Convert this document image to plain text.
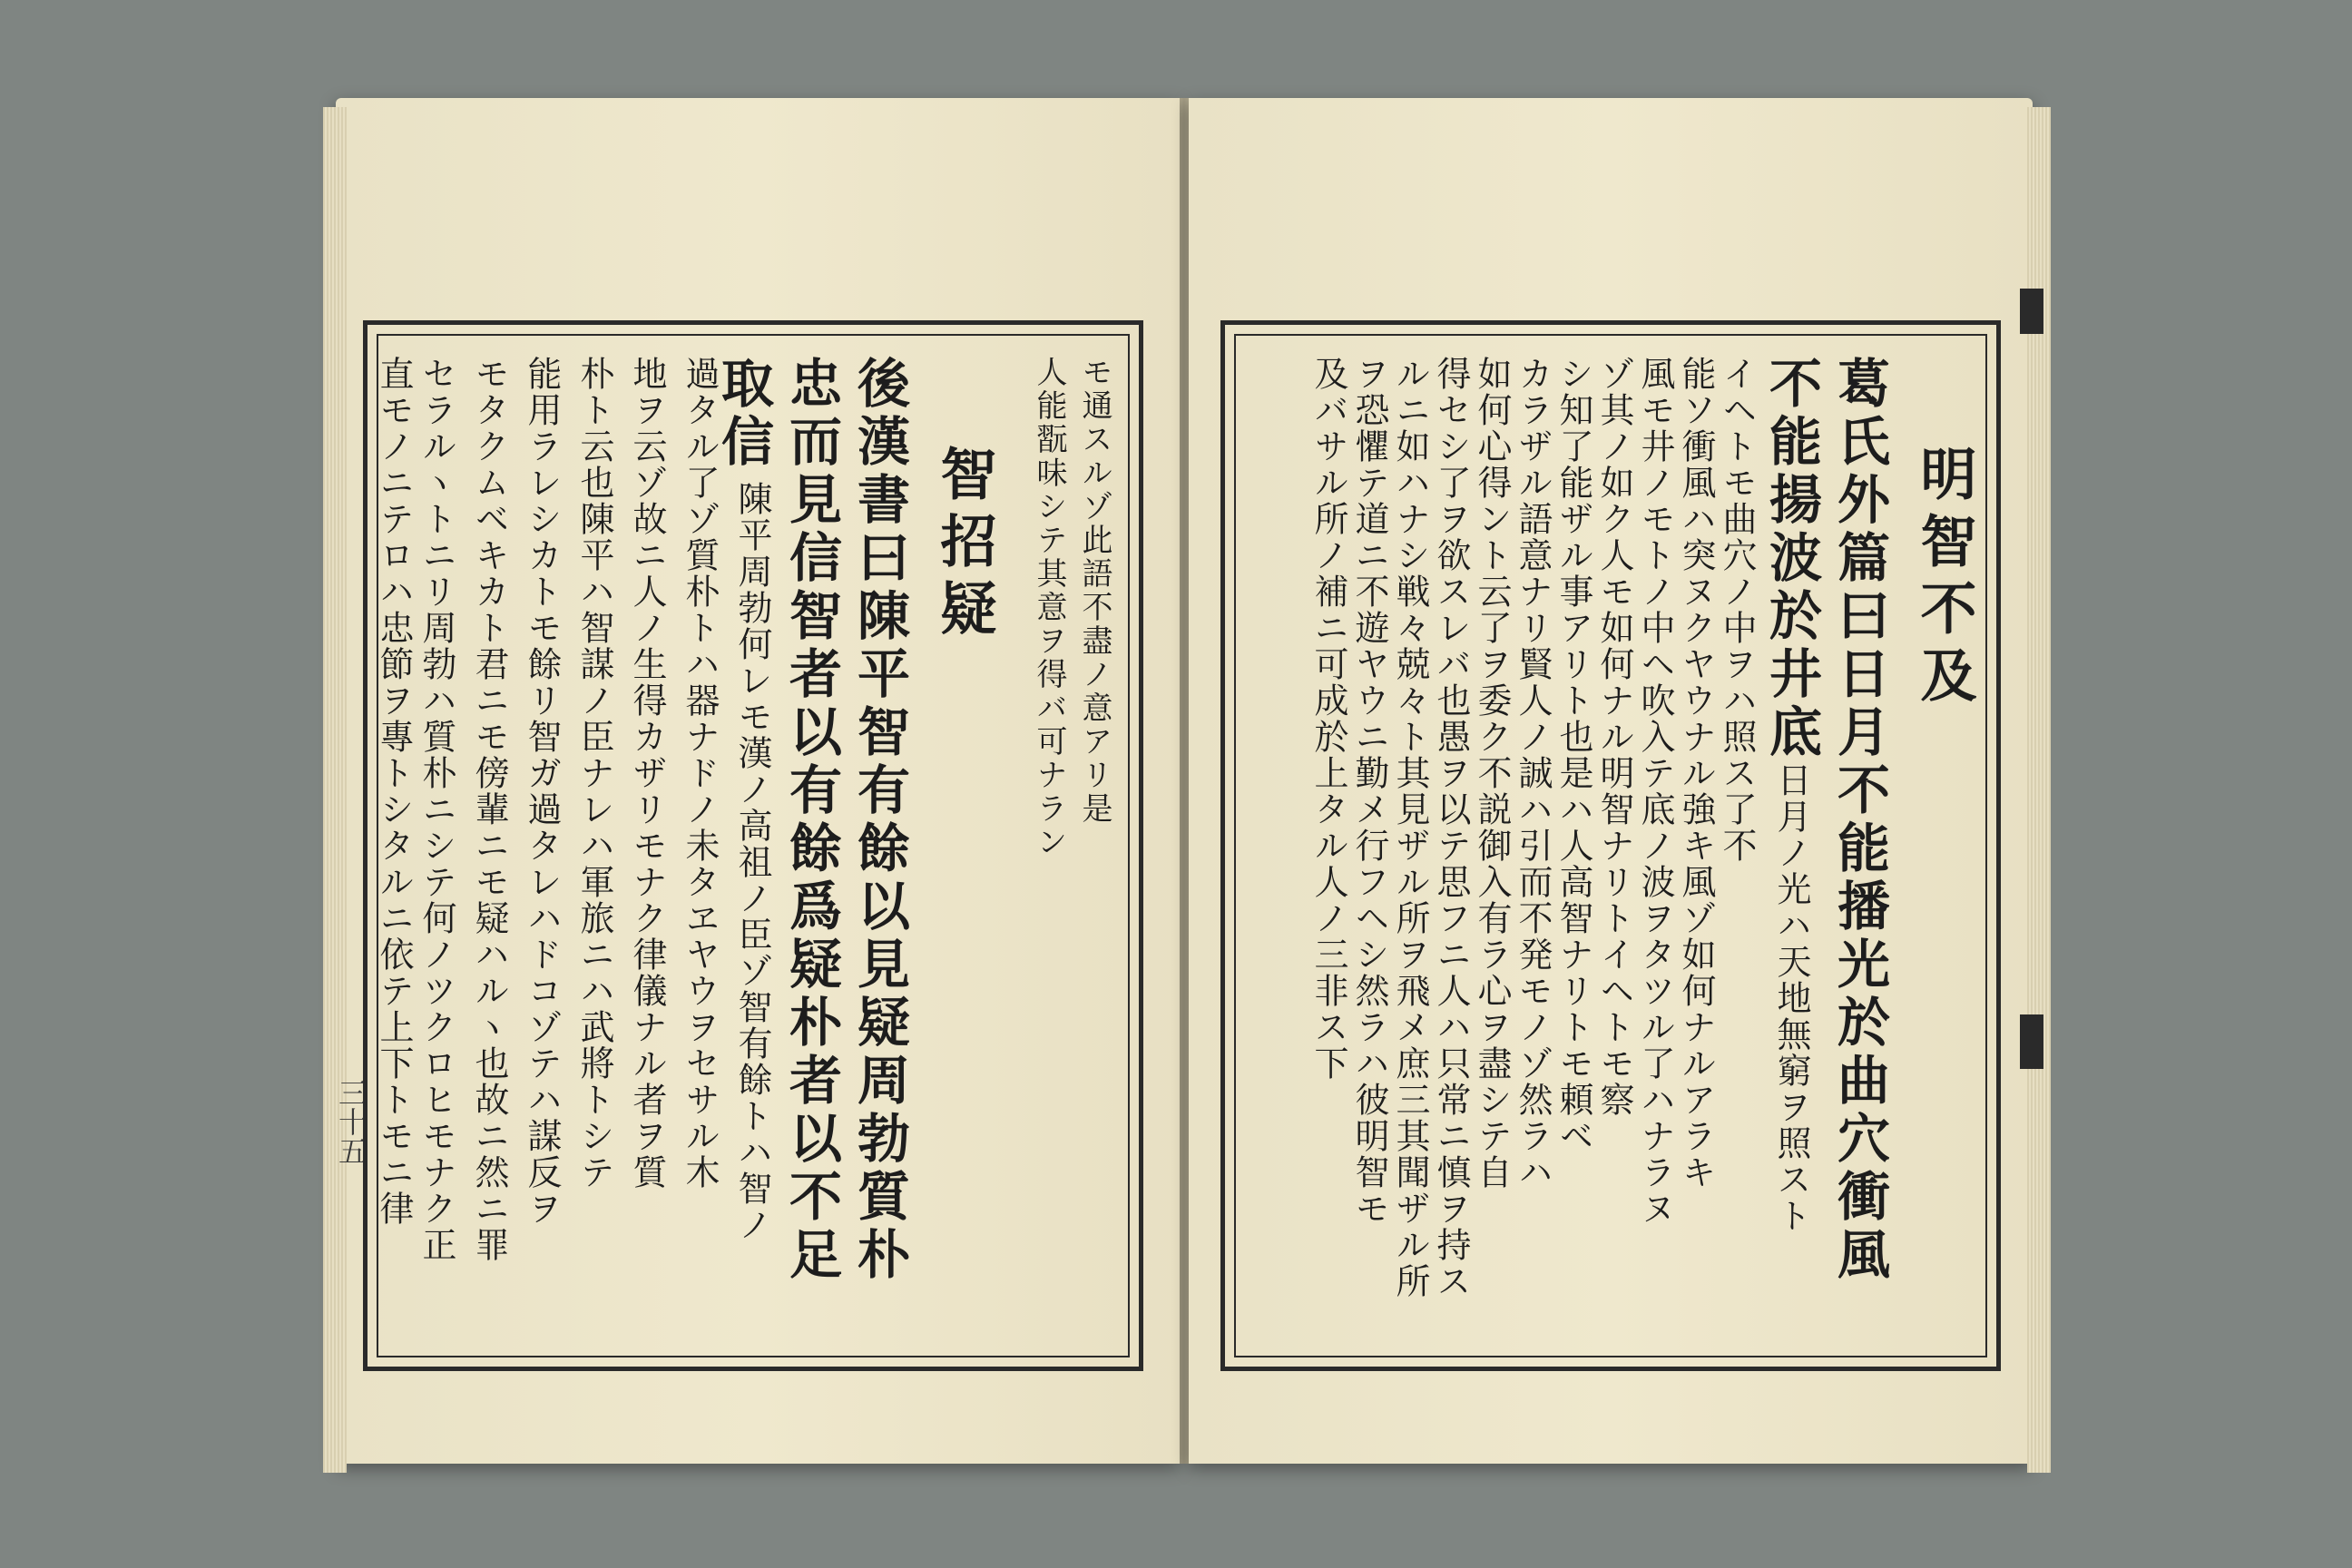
三十五
モ通スルゾ此語不盡ノ意アリ是
人能翫味シテ其意ヲ得バ可ナラン
智招疑
後漢書曰陳平智有餘以見疑周勃質朴
忠而見信智者以有餘爲疑朴者以不足
取信
陳平周勃何レモ漢ノ高祖ノ臣ゾ智有餘トハ智ノ
過タル了ゾ質朴トハ器ナドノ未タヱヤウヲセサル木
地ヲ云ゾ故ニ人ノ生得カザリモナク律儀ナル者ヲ質
朴ト云也陳平ハ智謀ノ臣ナレハ軍旅ニハ武將トシテ
能用ラレシカトモ餘リ智ガ過タレハドコゾテハ謀反ヲ
モタクムベキカト君ニモ傍輩ニモ疑ハルヽ也故ニ然ニ罪
セラルヽトニリ周勃ハ質朴ニシテ何ノツクロヒモナク正
直モノニテロハ忠節ヲ專トシタルニ依テ上下トモニ律	明智不及
葛氏外篇曰日月不能播光於曲穴衝風
不能揚波於井底
日月ノ光ハ天地無窮ヲ照スト
イヘトモ曲穴ノ中ヲハ照ス了不
能ソ衝風ハ突ヌクヤウナル強キ風ゾ如何ナルアラキ
風モ井ノモトノ中ヘ吹入テ底ノ波ヲタツル了ハナラヌ
ゾ其ノ如ク人モ如何ナル明智ナリトイヘトモ察
シ知了能ザル事アリト也是ハ人高智ナリトモ頼ベ
カラザル語意ナリ賢人ノ誠ハ引而不発モノゾ然ラハ
如何心得ント云了ヲ委ク不説御入有ラ心ヲ盡シテ自
得セシ了ヲ欲スレバ也愚ヲ以テ思フニ人ハ只常ニ慎ヲ持ス
ルニ如ハナシ戦々兢々ト其見ザル所ヲ飛メ庶三其聞ザル所
ヲ恐懼テ道ニ不遊ヤウニ勤メ行フヘシ然ラハ彼明智モ
及バサル所ノ補ニ可成於上タル人ノ三非ス下
